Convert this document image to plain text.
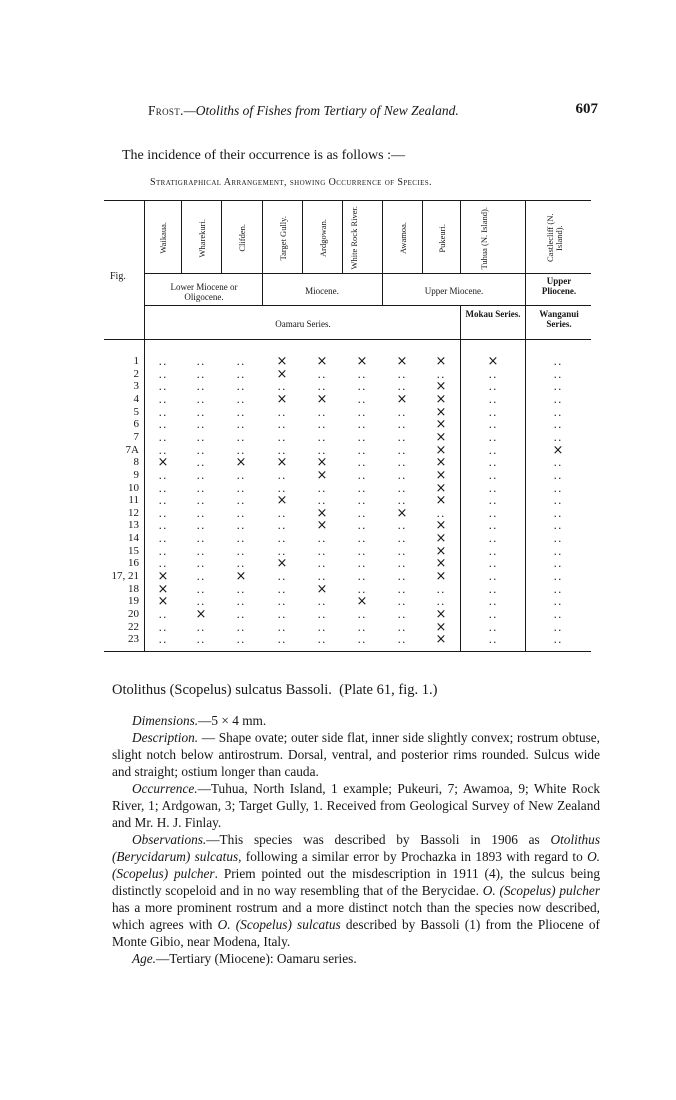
Frost.—Otoliths of Fishes from Tertiary of New Zealand.	607
The incidence of their occurrence is as follows :—
Stratigraphical Arrangement, showing Occurrence of Species.
Waikaua.	Wharekuri.	Clifden.	Target Gully.	Ardgowan. White Rock River.	Awamoa.	Pukeuri.	Tuhua (N. Island).	Castlecliff (N. Island).
Fig.
Lower Miocene or Oligocene.
Miocene.	Upper Miocene.
Upper Pliocene.
Oamaru Series.
Mokau Series.	Wanganui Series.
1	..	..	..	×	×	×	×	×	×	..
2	..	..	..	×	..	..	..	..	..	..
3	..	..	..	..	..	..	..	×	..	..
4	..	..	..	×	×	..	×	×	..	..
5	..	..	..	..	..	..	..	×	..	..
6	..	..	..	..	..	..	..	×	..	..
7	..	..	..	..	..	..	..	×	..	..
7A	..	..	..	..	..	..	..	×	..	×
8	×	..	×	×	×	..	..	×	..	..
9	..	..	..	..	×	..	..	×	..	..
10	..	..	..	..	..	..	..	×	..	..
11	..	..	..	×	..	..	..	×	..	..
12	..	..	..	..	×	..	×	..	..	..
13	..	..	..	..	×	..	..	×	..	..
14	..	..	..	..	..	..	..	×	..	..
15	..	..	..	..	..	..	..	×	..	..
16	..	..	..	×	..	..	..	×	..	..
17, 21	×	..	×	..	..	..	..	×	..	..
18	×	..	..	..	×	..	..	..	..	..
19	×	..	..	..	..	×	..	..	..	..
20	..	×	..	..	..	..	..	×	..	..
22	..	..	..	..	..	..	..	×	..	..
23	..	..	..	..	..	..	..	×	..	..
Otolithus (Scopelus) sulcatus Bassoli. (Plate 61, fig. 1.)

Dimensions.—5 × 4 mm.

Description. — Shape ovate; outer side flat, inner side slightly convex; rostrum obtuse, slight notch below antirostrum. Dorsal, ventral, and posterior rims rounded. Sulcus wide and straight; ostium longer than cauda.

Occurrence.—Tuhua, North Island, 1 example; Pukeuri, 7; Awamoa, 9; White Rock River, 1; Ardgowan, 3; Target Gully, 1. Received from Geological Survey of New Zealand and Mr. H. J. Finlay.

Observations.—This species was described by Bassoli in 1906 as Otolithus (Berycidarum) sulcatus, following a similar error by Prochazka in 1893 with regard to O. (Scopelus) pulcher. Priem pointed out the misdescription in 1911 (4), the sulcus being distinctly scopeloid and in no way resembling that of the Berycidae. O. (Scopelus) pulcher has a more prominent rostrum and a more distinct notch than the species now described, which agrees with O. (Scopelus) sulcatus described by Bassoli (1) from the Pliocene of Monte Gibio, near Modena, Italy.

Age.—Tertiary (Miocene): Oamaru series.
